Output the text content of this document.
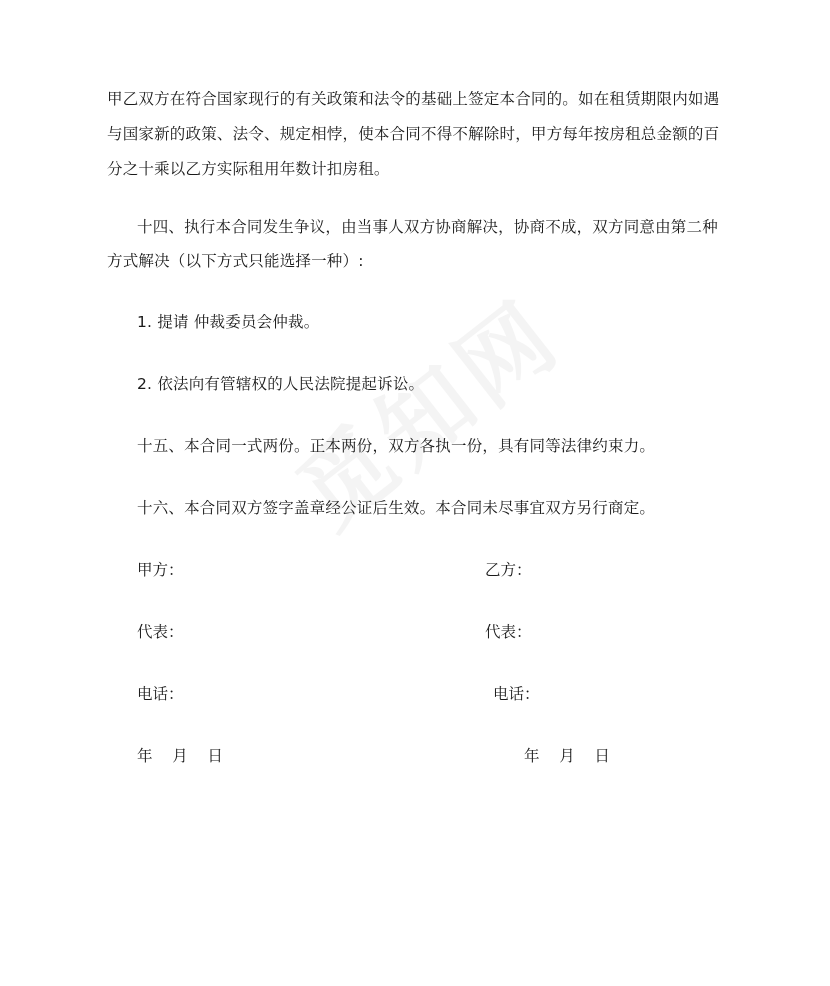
甲乙双方在符合国家现行的有关政策和法令的基础上签定本合同的。如在租赁期限内如遇
与国家新的政策、法令、规定相悖，使本合同不得不解除时，甲方每年按房租总金额的百
分之十乘以乙方实际租用年数计扣房租。
十四、执行本合同发生争议，由当事人双方协商解决，协商不成，双方同意由第二种
方式解决（以下方式只能选择一种）:
1. 提请 仲裁委员会仲裁。
2. 依法向有管辖权的人民法院提起诉讼。
十五、本合同一式两份。正本两份，双方各执一份，具有同等法律约束力。
十六、本合同双方签字盖章经公证后生效。本合同未尽事宜双方另行商定。
甲方：	乙方：
代表：	代表：
电话：	电话：
年    月    日	年    月    日
